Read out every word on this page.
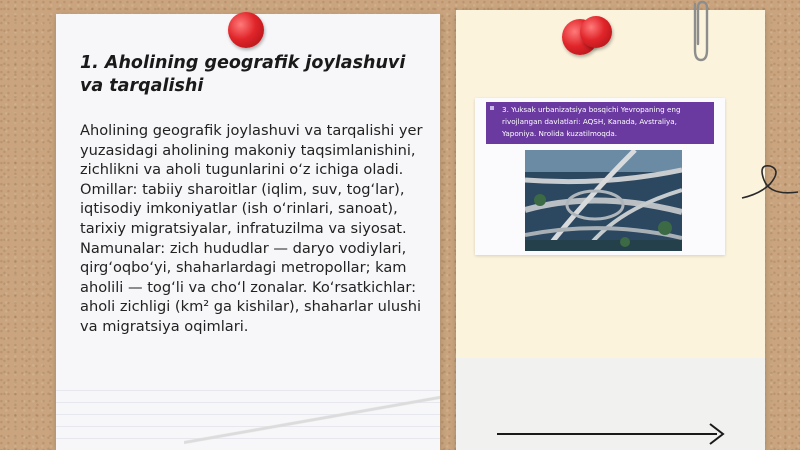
1. Aholining geografik joylashuvi va tarqalishi

Aholining geografik joylashuvi va tarqalishi yer yuzasidagi aholining makoniy taqsimlanishini, zichlikni va aholi tugunlarini o‘z ichiga oladi. Omillar: tabiiy sharoitlar (iqlim, suv, tog‘lar), iqtisodiy imkoniyatlar (ish o‘rinlari, sanoat), tarixiy migratsiyalar, infratuzilma va siyosat. Namunalar: zich hududlar — daryo vodiylari, qirg‘oqbo‘yi, shaharlardagi metropollar; kam aholili — tog‘li va cho‘l zonalar. Ko‘rsatkichlar: aholi zichligi (km² ga kishilar), shaharlar ulushi va migratsiya oqimlari.

3. Yuksak urbanizatsiya bosqichi Yevropaning eng rivojlangan davlatlari: AQSH, Kanada, Avstraliya, Yaponiya. Nrolida kuzatilmoqda.
